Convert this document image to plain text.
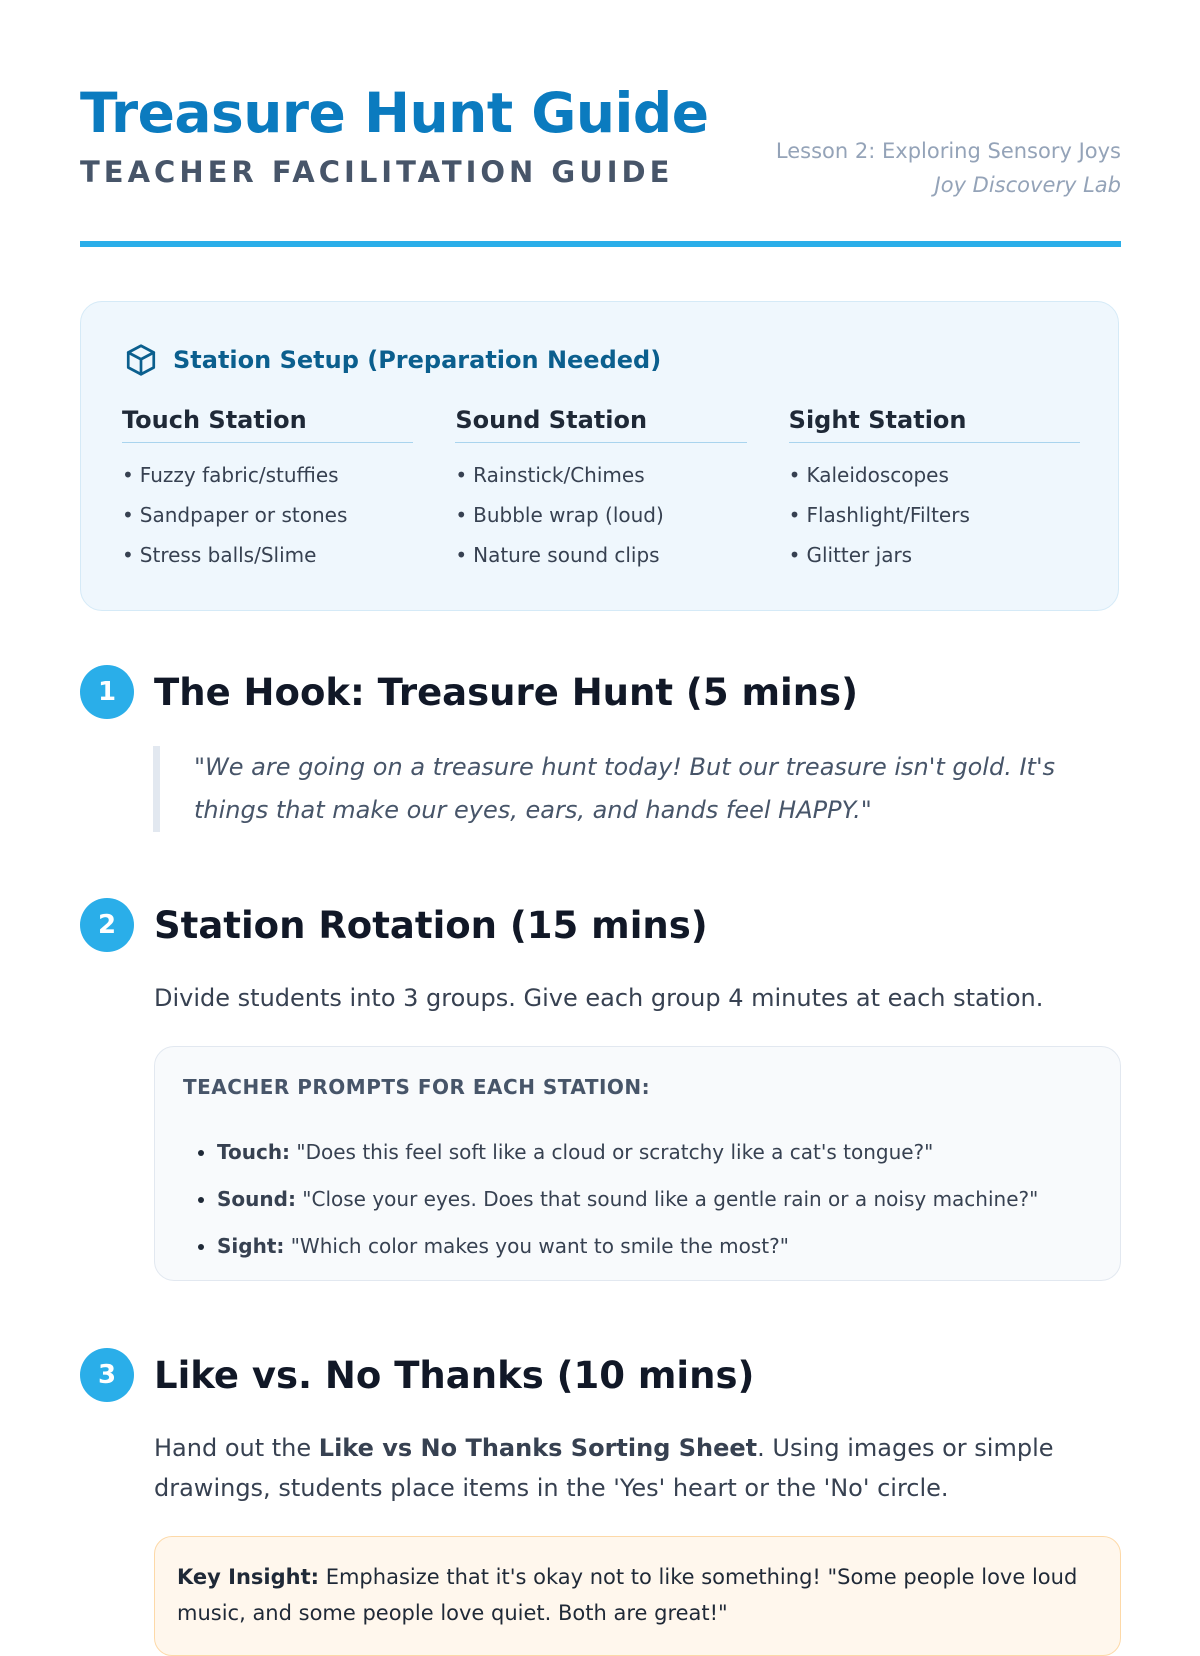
Treasure Hunt Guide
TEACHER FACILITATION GUIDE
Lesson 2: Exploring Sensory Joys
Joy Discovery Lab
Station Setup (Preparation Needed)
Touch Station
• Fuzzy fabric/stuffies
• Sandpaper or stones
• Stress balls/Slime
Sound Station
• Rainstick/Chimes
• Bubble wrap (loud)
• Nature sound clips
Sight Station
• Kaleidoscopes
• Flashlight/Filters
• Glitter jars
1	The Hook: Treasure Hunt (5 mins)
"We are going on a treasure hunt today! But our treasure isn't gold. It's things that make our eyes, ears, and hands feel HAPPY."
2	Station Rotation (15 mins)

Divide students into 3 groups. Give each group 4 minutes at each station.

TEACHER PROMPTS FOR EACH STATION:
• Touch: "Does this feel soft like a cloud or scratchy like a cat's tongue?"
• Sound: "Close your eyes. Does that sound like a gentle rain or a noisy machine?"
• Sight: "Which color makes you want to smile the most?"
3	Like vs. No Thanks (10 mins)

Hand out the Like vs No Thanks Sorting Sheet. Using images or simple drawings, students place items in the 'Yes' heart or the 'No' circle.

Key Insight: Emphasize that it's okay not to like something! "Some people love loud music, and some people love quiet. Both are great!"
